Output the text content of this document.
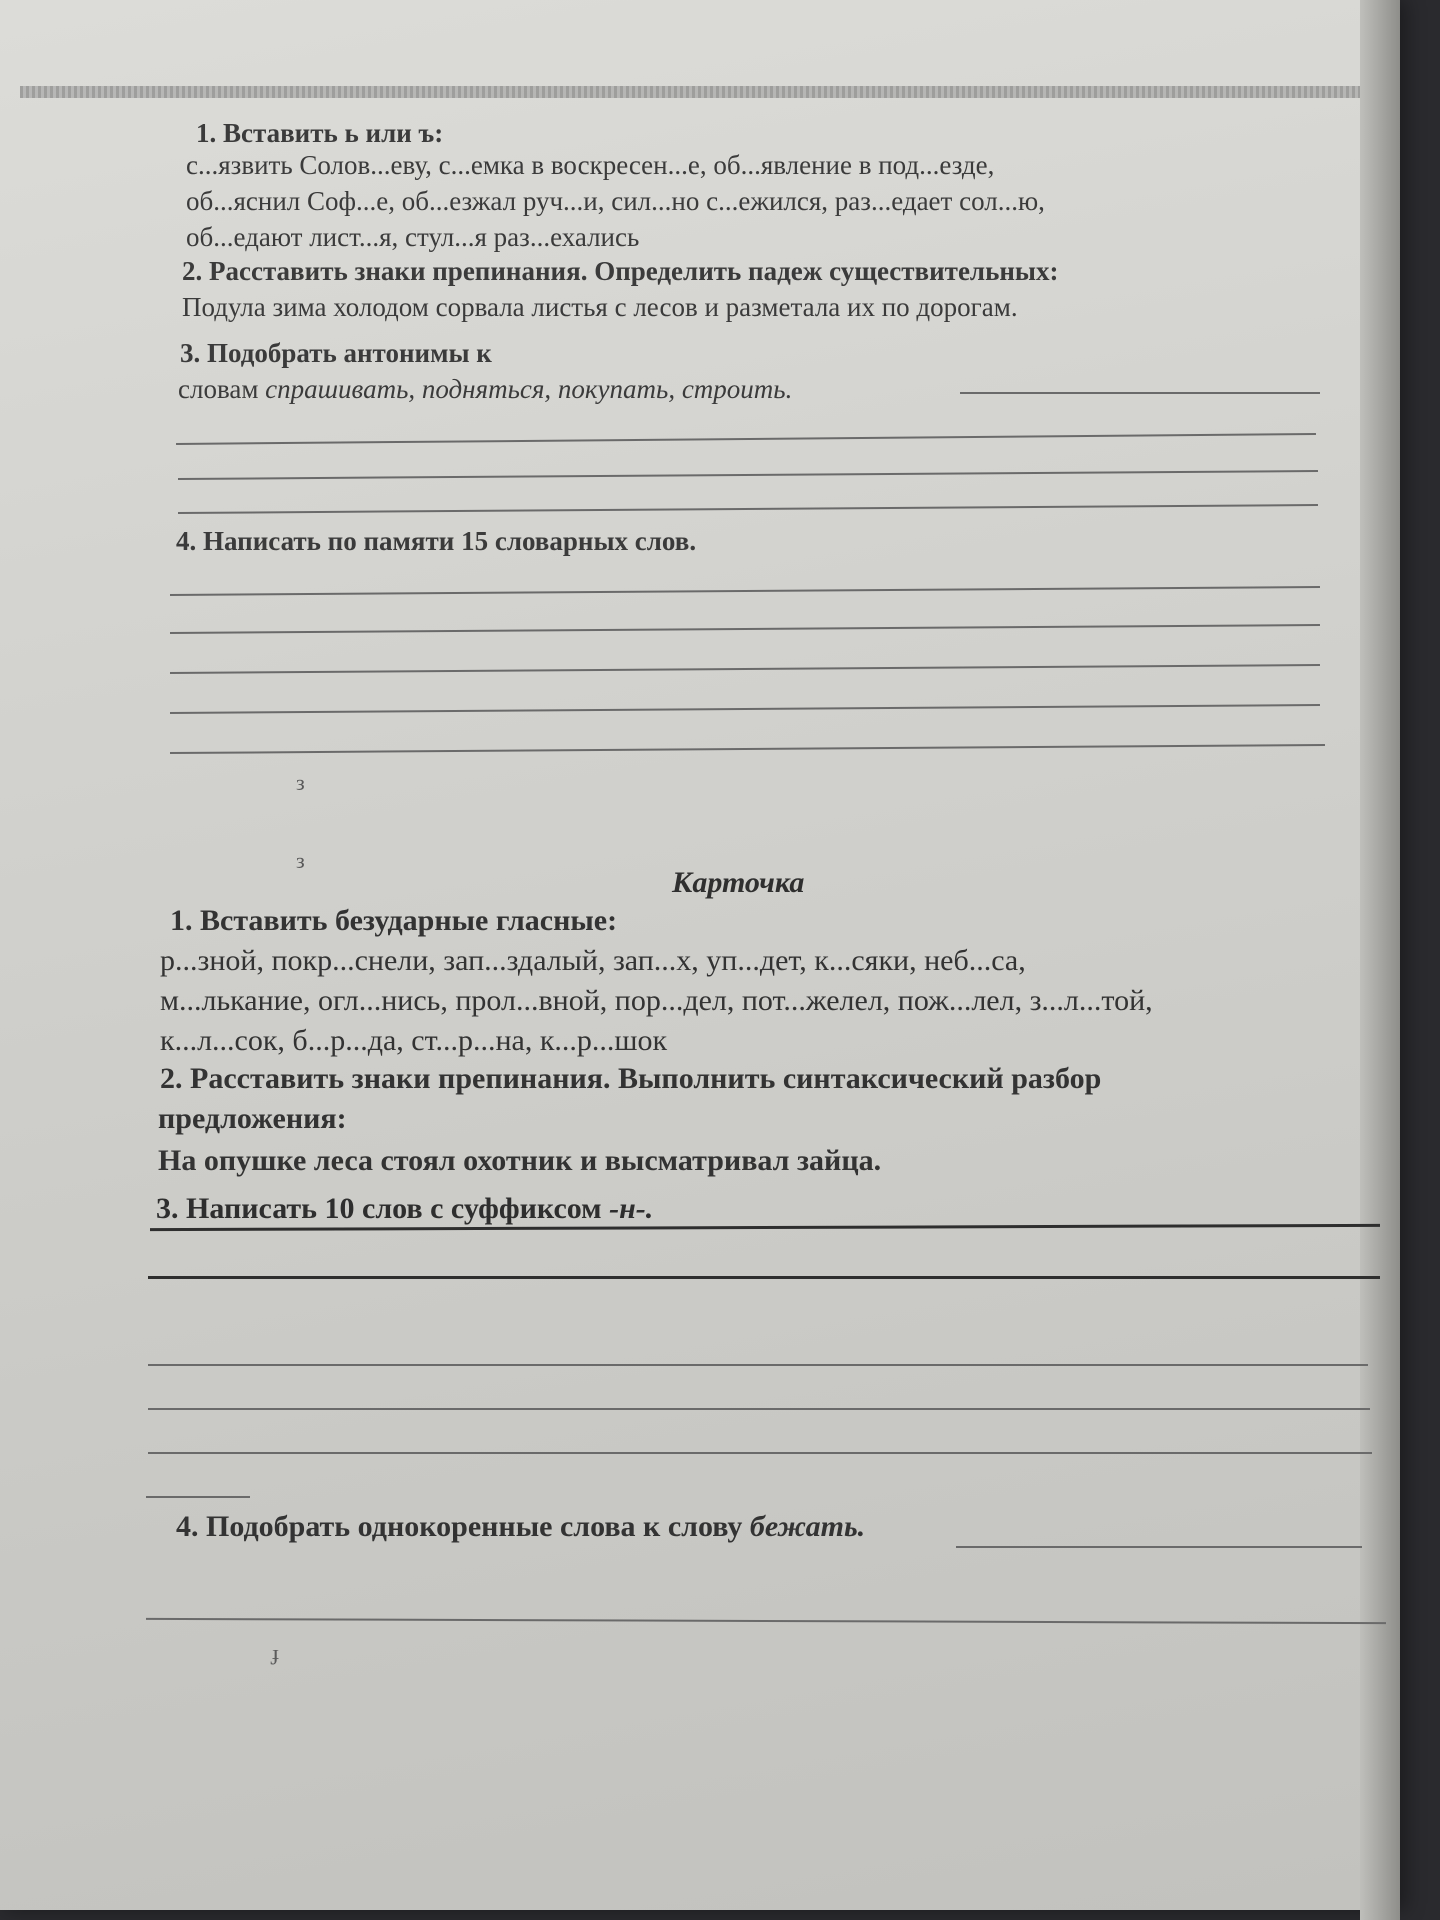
1. Вставить ь или ъ:
с...язвить Солов...еву, с...емка в воскресен...е, об...явление в под...езде,
об...яснил Соф...е, об...езжал руч...и, сил...но с...ежился, раз...едает сол...ю,
об...едают лист...я, стул...я раз...ехались
2. Расставить знаки препинания. Определить падеж существительных:
Подула зима холодом сорвала листья с лесов и разметала их по дорогам.
3. Подобрать антонимы к
словам спрашивать, подняться, покупать, строить.
4. Написать по памяти 15 словарных слов.
з
з
Карточка
1. Вставить безударные гласные:
р...зной, покр...снели, зап...здалый, зап...х, уп...дет, к...сяки, неб...са,
м...лькание, огл...нись, прол...вной, пор...дел, пот...желел, пож...лел, з...л...той,
к...л...сок, б...р...да, ст...р...на, к...р...шок
2. Расставить знаки препинания. Выполнить синтаксический разбор
предложения:
На опушке леса стоял охотник и высматривал зайца.
3. Написать 10 слов с суффиксом -н-.
4. Подобрать однокоренные слова к слову бежать.
ɟ
